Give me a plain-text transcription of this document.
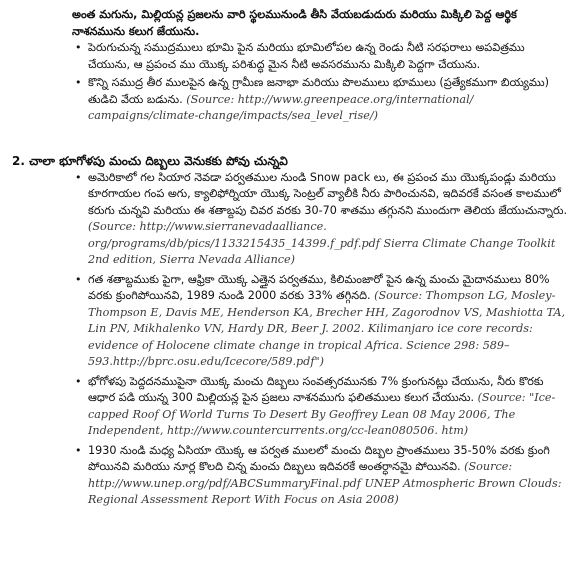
అంత మగును, మిల్లియన్ల ప్రజలను వారి స్థలమునుండి తీసి వేయబడుదురు మరియు మిక్కిలి పెద్ద ఆర్థిక నాశనమును కలుగ జేయును.

• పెరుగుచున్న సముద్రములు భూమి పైన మరియు భూమిలోపల ఉన్న రెండు నీటి సరఫరాలు అపవిత్రము చేయును, ఆ ప్రపంచ ము యొక్క పరిశుద్ధ మైన నీటి అవసరమును మిక్కిలి పెద్దగా చేయును.

• కొన్ని సముద్ర తీర ములపైన ఉన్న గ్రామీణ జనాభా మరియు పొలములు భూములు (ప్రత్యేకముగా బియ్యము) తుడిచి వేయ బడును. (Source: http://www.greenpeace.org/international/ campaigns/climate-change/impacts/sea_level_rise/)

2. చాలా భూగోళపు మంచు దిబ్బలు వెనుకకు పోవు చున్నవి
• అమెరికాలో గల సియార నెవడా పర్వతముల నుండి Snow pack లు, ఈ ప్రపంచ ము యొక్కపండ్లు మరియు కూరగాయల గంప అగు, క్యాలిఫోర్నియా యొక్క సెంట్రల్ వ్యాలీకి నీరు పారించునవి, ఇదివరకే వసంత కాలములో కరుగు చున్నవి మరియు ఈ శతాబ్దపు చివర వరకు 30-70 శాతము తగ్గునని ముందుగా తెలియ జేయుచున్నారు. (Source: http://www.sierranevadaalliance. org/programs/db/pics/1133215435_14399.f_pdf.pdf Sierra Climate Change Toolkit 2nd edition, Sierra Nevada Alliance)

• గత శతాబ్దముకు పైగా, ఆఫ్రికా యొక్క ఎత్తైన పర్వతము, కిలిమంజారో పైన ఉన్న మంచు మైదానములు 80% వరకు క్రుంగిపోయినవి, 1989 నుండి 2000 వరకు 33% తగ్గినది. (Source: Thompson LG, Mosley-Thompson E, Davis ME, Henderson KA, Brecher HH, Zagorodnov VS, Mashiotta TA, Lin PN, Mikhalenko VN, Hardy DR, Beer J. 2002. Kilimanjaro ice core records: evidence of Holocene climate change in tropical Africa. Science 298: 589–593.http://bprc.osu.edu/Icecore/589.pdf")

• భోగోళపు పెద్దదనముపైనా యొక్క మంచు దిబ్బలు సంవత్సరమునకు 7% క్రుంగునట్లు చేయును, నీరు కొరకు ఆధార పడి యున్న 300 మిల్లియన్ల పైన ప్రజలు నాశనముగు ఫలితములు కలుగ చేయును. (Source: "Ice-capped Roof Of World Turns To Desert By Geoffrey Lean 08 May 2006, The Independent, http://www.countercurrents.org/cc-lean080506. htm)

• 1930 నుండి మధ్య ఏసియా యొక్క ఆ పర్వత ములలో మంచు దిబ్బల ప్రాంతములు 35-50% వరకు క్రుంగి పోయినవి మరియు నూర్ల కొలది చిన్న మంచు దిబ్బలు ఇదివరకే అంతర్ధానమై పోయినవి. (Source: http://www.unep.org/pdf/ABCSummaryFinal.pdf UNEP Atmospheric Brown Clouds: Regional Assessment Report With Focus on Asia 2008)
